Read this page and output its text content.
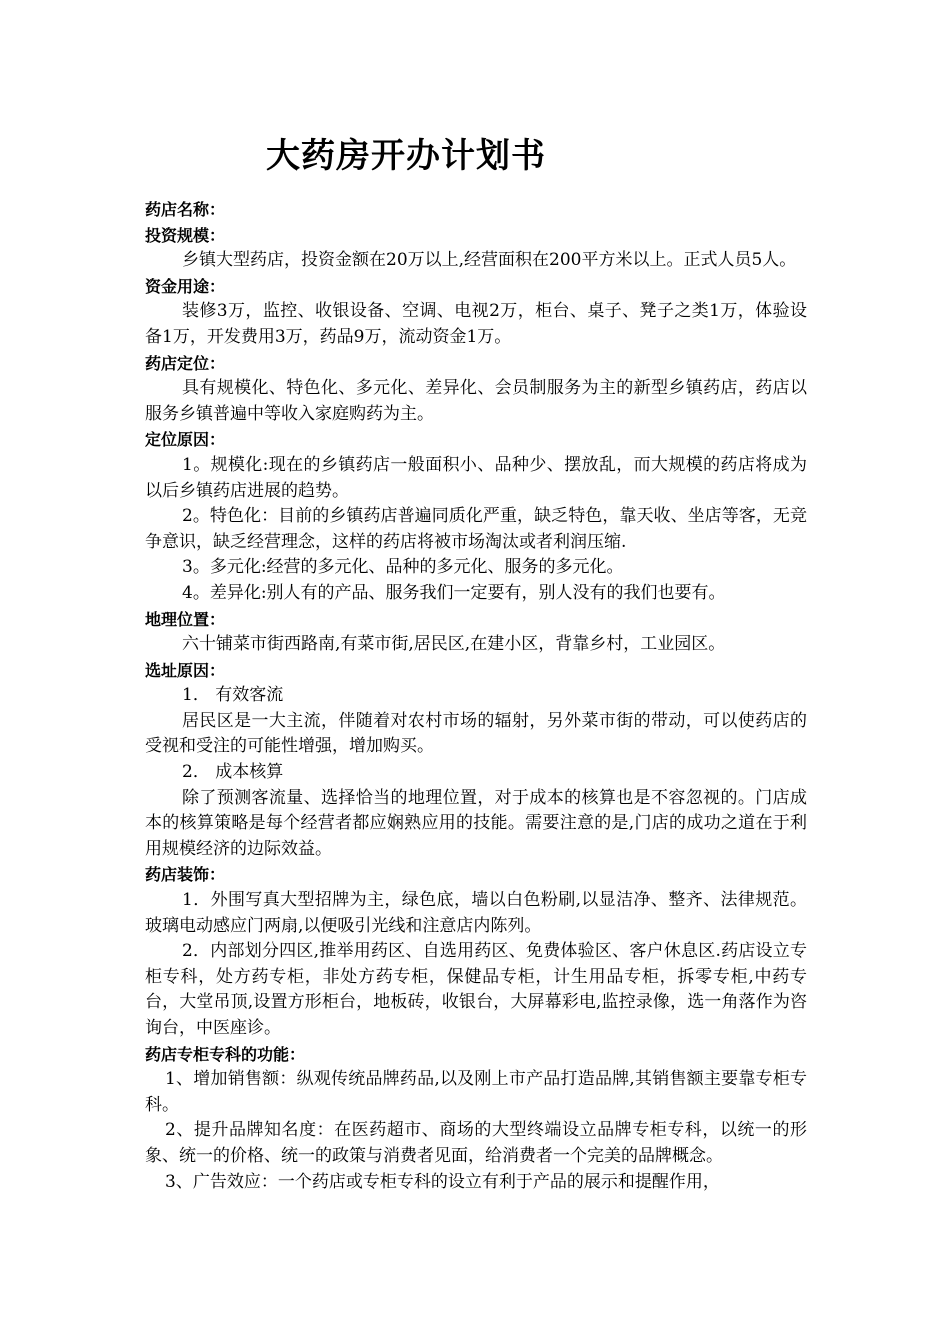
大药房开办计划书
药店名称：
投资规模：
乡镇大型药店，投资金额在20万以上,经营面积在200平方米以上。正式人员5人。
资金用途：
装修3万，监控、收银设备、空调、电视2万，柜台、桌子、凳子之类1万，体验设备1万，开发费用3万，药品9万，流动资金1万。
药店定位：
具有规模化、特色化、多元化、差异化、会员制服务为主的新型乡镇药店，药店以服务乡镇普遍中等收入家庭购药为主。
定位原因：
1。规模化:现在的乡镇药店一般面积小、品种少、摆放乱，而大规模的药店将成为以后乡镇药店进展的趋势。
2。特色化：目前的乡镇药店普遍同质化严重，缺乏特色，靠天收、坐店等客，无竞争意识，缺乏经营理念，这样的药店将被市场淘汰或者利润压缩.
3。多元化:经营的多元化、品种的多元化、服务的多元化。
4。差异化:别人有的产品、服务我们一定要有，别人没有的我们也要有。
地理位置：
六十铺菜市街西路南,有菜市街,居民区,在建小区，背靠乡村，工业园区。
选址原因：
1． 有效客流
居民区是一大主流，伴随着对农村市场的辐射，另外菜市街的带动，可以使药店的受视和受注的可能性增强，增加购买。
2． 成本核算
除了预测客流量、选择恰当的地理位置，对于成本的核算也是不容忽视的。门店成本的核算策略是每个经营者都应娴熟应用的技能。需要注意的是,门店的成功之道在于利用规模经济的边际效益。
药店装饰：
1．外围写真大型招牌为主，绿色底，墙以白色粉刷,以显洁净、整齐、法律规范。玻璃电动感应门两扇,以便吸引光线和注意店内陈列。
2．内部划分四区,推举用药区、自选用药区、免费体验区、客户休息区.药店设立专柜专科，处方药专柜，非处方药专柜，保健品专柜，计生用品专柜，拆零专柜,中药专台，大堂吊顶,设置方形柜台，地板砖，收银台，大屏幕彩电,监控录像，选一角落作为咨询台，中医座诊。
药店专柜专科的功能：
1、增加销售额：纵观传统品牌药品,以及刚上市产品打造品牌,其销售额主要靠专柜专科。
2、提升品牌知名度：在医药超市、商场的大型终端设立品牌专柜专科，以统一的形象、统一的价格、统一的政策与消费者见面，给消费者一个完美的品牌概念。
3、广告效应：一个药店或专柜专科的设立有利于产品的展示和提醒作用，
